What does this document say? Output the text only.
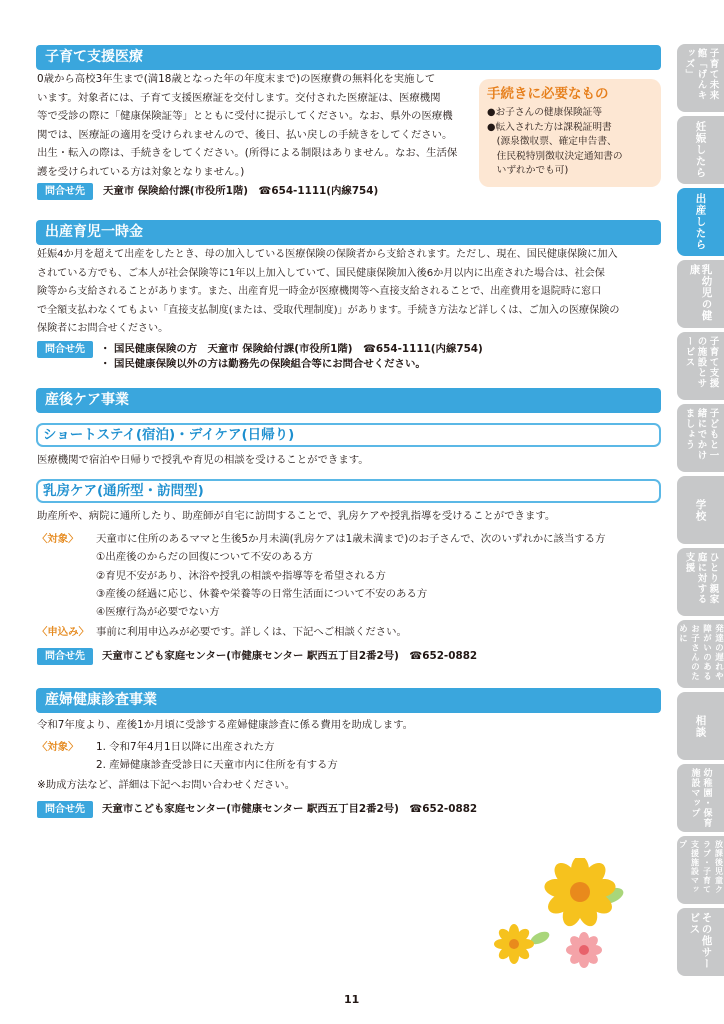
子育て支援医療
0歳から高校3年生まで(満18歳となった年の年度末まで)の医療費の無料化を実施して
います。対象者には、子育て支援医療証を交付します。交付された医療証は、医療機関
等で受診の際に「健康保険証等」とともに受付に提示してください。なお、県外の医療機
関では、医療証の適用を受けられませんので、後日、払い戻しの手続きをしてください。
出生・転入の際は、手続きをしてください。(所得による制限はありません。なお、生活保
護を受けられている方は対象となりません。)
問合せ先	天童市 保険給付課(市役所1階)　☎654-1111(内線754)
手続きに必要なもの
●お子さんの健康保険証等
●転入された方は課税証明書
　(源泉徴収票、確定申告書、
　住民税特別徴収決定通知書の
　いずれかでも可)
出産育児一時金
妊娠4か月を超えて出産をしたとき、母の加入している医療保険の保険者から支給されます。ただし、現在、国民健康保険に加入
されている方でも、ご本人が社会保険等に1年以上加入していて、国民健康保険加入後6か月以内に出産された場合は、社会保
険等から支給されることがあります。また、出産育児一時金が医療機関等へ直接支給されることで、出産費用を退院時に窓口
で全額支払わなくてもよい「直接支払制度(または、受取代理制度)」があります。手続き方法など詳しくは、ご加入の医療保険の
保険者にお問合せください。
問合せ先	・ 国民健康保険の方　天童市 保険給付課(市役所1階)　☎654-1111(内線754)
・ 国民健康保険以外の方は勤務先の保険組合等にお問合せください。
産後ケア事業
ショートステイ(宿泊)・デイケア(日帰り)
医療機関で宿泊や日帰りで授乳や育児の相談を受けることができます。
乳房ケア(通所型・訪問型)
助産所や、病院に通所したり、助産師が自宅に訪問することで、乳房ケアや授乳指導を受けることができます。
〈対象〉 天童市に住所のあるママと生後5か月未満(乳房ケアは1歳未満まで)のお子さんで、次のいずれかに該当する方
①出産後のからだの回復について不安のある方
②育児不安があり、沐浴や授乳の相談や指導等を希望される方
③産後の経過に応じ、休養や栄養等の日常生活面について不安のある方
④医療行為が必要でない方
〈申込み〉 事前に利用申込みが必要です。詳しくは、下記へご相談ください。
問合せ先	天童市こども家庭センター(市健康センター 駅西五丁目2番2号)　☎652-0882
産婦健康診査事業
令和7年度より、産後1か月頃に受診する産婦健康診査に係る費用を助成します。
〈対象〉 1. 令和7年4月1日以降に出産された方
2. 産婦健康診査受診日に天童市内に住所を有する方
※助成方法など、詳細は下記へお問い合わせください。
問合せ先	天童市こども家庭センター(市健康センター 駅西五丁目2番2号)　☎652-0882
11
子育て未来館「げんキッズ」
妊娠したら
出産したら
乳幼児の健康
子育て支援の施設とサービス
子どもと一緒にでかけましょう
学校
ひとり親家庭に対する支援
発達の遅れや障がいのあるお子さんのために
相談
幼稚園・保育施設マップ
放課後児童クラブ・子育て支援施設マップ
その他サービス
